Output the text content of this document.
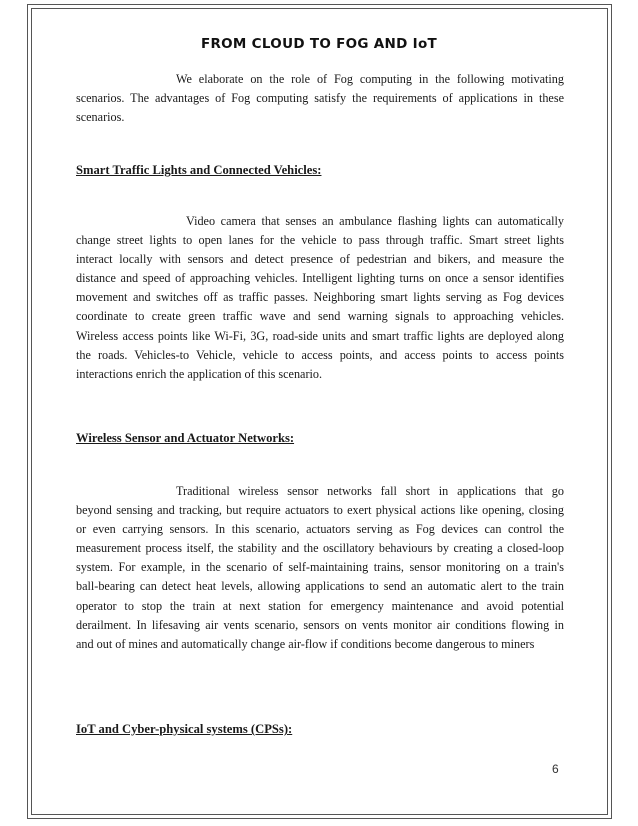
FROM CLOUD TO FOG AND IoT
We elaborate on the role of Fog computing in the following motivating
scenarios. The advantages of Fog computing satisfy the requirements of applications in these
scenarios.
Smart Traffic Lights and Connected Vehicles:
Video camera that senses an ambulance flashing lights can automatically
change street lights to open lanes for the vehicle to pass through traffic. Smart street lights
interact locally with sensors and detect presence of pedestrian and bikers, and measure the
distance and speed of approaching vehicles. Intelligent lighting turns on once a sensor identifies
movement and switches off as traffic passes. Neighboring smart lights serving as Fog devices
coordinate to create green traffic wave and send warning signals to approaching vehicles.
Wireless access points like Wi-Fi, 3G, road-side units and smart traffic lights are deployed along
the roads. Vehicles-to Vehicle, vehicle to access points, and access points to access points
interactions enrich the application of this scenario.
Wireless Sensor and Actuator Networks:
Traditional wireless sensor networks fall short in applications that go
beyond sensing and tracking, but require actuators to exert physical actions like opening, closing
or even carrying sensors. In this scenario, actuators serving as Fog devices can control the
measurement process itself, the stability and the oscillatory behaviours by creating a closed-loop
system. For example, in the scenario of self-maintaining trains, sensor monitoring on a train's
ball-bearing can detect heat levels, allowing applications to send an automatic alert to the train
operator to stop the train at next station for emergency maintenance and avoid potential
derailment. In lifesaving air vents scenario, sensors on vents monitor air conditions flowing in
and out of mines and automatically change air-flow if conditions become dangerous to miners
IoT and Cyber-physical systems (CPSs):
6
